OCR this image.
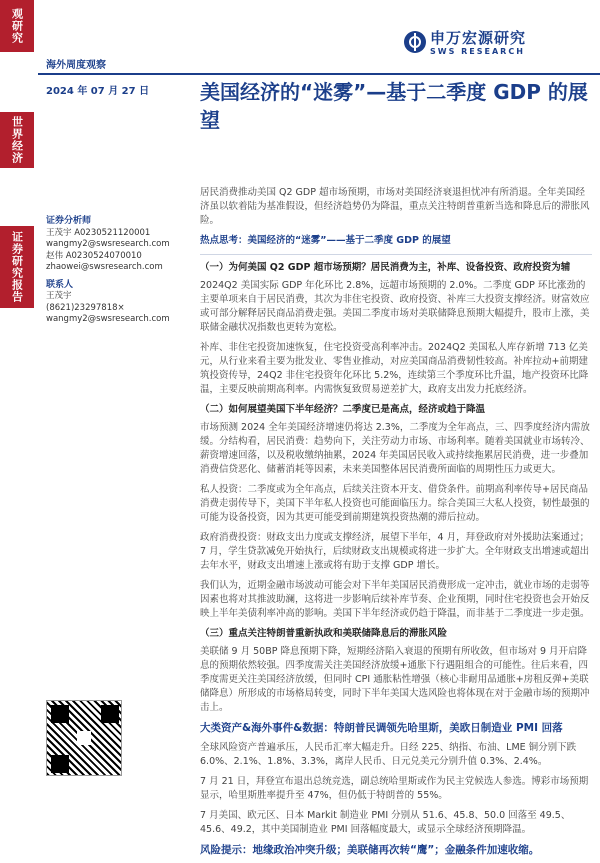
观研究
世界经济
证券研究报告
申万宏源研究
SWS RESEARCH
海外周度观察
2024 年 07 月 27 日	美国经济的“迷雾”—基于二季度 GDP 的展望
证券分析师
王茂宇 A0230521120001
wangmy2@swsresearch.com
赵伟 A0230524070010
zhaowei@swsresearch.com
联系人
王茂宇
(8621)23297818×
wangmy2@swsresearch.com

居民消费推动美国 Q2 GDP 超市场预期，市场对美国经济衰退担忧冲有所消退。全年美国经济虽以软着陆为基准假设，但经济趋势仍为降温，重点关注特朗普重新当选和降息后的滞胀风险。

热点思考：美国经济的“迷雾”——基于二季度 GDP 的展望
（一）为何美国 Q2 GDP 超市场预期？居民消费为主，补库、设备投资、政府投资为辅

2024Q2 美国实际 GDP 年化环比 2.8%，远超市场预期的 2.0%。二季度 GDP 环比涨劲的主要单项来自于居民消费，其次为非住宅投资、政府投资、补库三大投资支撑经济。财富效应或可部分解释居民商品消费走强。美国二季度市场对美联储降息预期大幅提升，股市上涨，美联储金融状况指数也更转为宽松。

补库、非住宅投资加速恢复，住宅投资受高利率冲击。2024Q2 美国私人库存新增 713 亿美元，从行业来看主要为批发业、零售业推动，对应美国商品消费韧性较高。补库拉动+前期建筑投资传导，24Q2 非住宅投资年化环比 5.2%，连续第三个季度环比升温，地产投资环比降温，主要反映前期高利率。内需恢复致贸易逆差扩大，政府支出发力托底经济。

（二）如何展望美国下半年经济？二季度已是高点，经济或趋于降温

市场预测 2024 全年美国经济增速仍将达 2.3%，二季度为全年高点，三、四季度经济内需放缓。分结构看，居民消费：趋势向下，关注劳动力市场、市场利率。随着美国就业市场转冷、薪资增速回落，以及税收缴纳抽累，2024 年美国居民收入或持续拖累居民消费，进一步叠加消费信贷恶化、储蓄消耗等因素，未来美国整体居民消费所面临的周期性压力或更大。

私人投资：二季度或为全年高点，后续关注资本开支、借贷条件。前期高利率传导+居民商品消费走弱传导下，美国下半年私人投资也可能面临压力。综合美国三大私人投资，韧性最强的可能为设备投资，因为其更可能受到前期建筑投资热潮的滞后拉动。

政府消费投资：财政支出力度或支撑经济，展望下半年，4 月，拜登政府对外援助法案通过；7 月，学生贷款减免开始执行，后续财政支出规模或将进一步扩大。全年财政支出增速或超出去年水平，财政支出增速上涨或将有助于支撑 GDP 增长。

我们认为，近期金融市场波动可能会对下半年美国居民消费形成一定冲击，就业市场的走弱等因素也将对其推波助澜，这将进一步影响后续补库节奏、企业预期，同时住宅投资也会开始反映上半年美债利率冲高的影响。美国下半年经济或仍趋于降温，而非基于二季度进一步走强。

（三）重点关注特朗普重新执政和美联储降息后的滞胀风险

美联储 9 月 50BP 降息预期下降，短期经济陷入衰退的预期有所收敛，但市场对 9 月开启降息的预期依然较强。四季度需关注美国经济放缓+通胀下行遇阻组合的可能性。往后来看，四季度需更关注美国经济放缓，但同时 CPI 通胀粘性增强（核心非耐用品通胀+房租反弹+美联储降息）所形成的市场格局转变，同时下半年美国大选风险也将体现在对于金融市场的预期冲击上。

大类资产&海外事件&数据：特朗普民调领先哈里斯，美欧日制造业 PMI 回落

全球风险资产普遍承压，人民币汇率大幅走升。日经 225、纳指、布油、LME 铜分别下跌 6.0%、2.1%、1.8%、3.3%，离岸人民币、日元兑美元分别升值 0.3%、2.4%。

7 月 21 日，拜登宣布退出总统竞选，副总统哈里斯或作为民主党候选人参选。博彩市场预期显示，哈里斯胜率提升至 47%，但仍低于特朗普的 55%。

7 月美国、欧元区、日本 Markit 制造业 PMI 分别从 51.6、45.8、50.0 回落至 49.5、45.6、49.2，其中美国制造业 PMI 回落幅度最大，或显示全球经济预期降温。

风险提示：地缘政治冲突升级；美联储再次转“鹰”；金融条件加速收缩。
